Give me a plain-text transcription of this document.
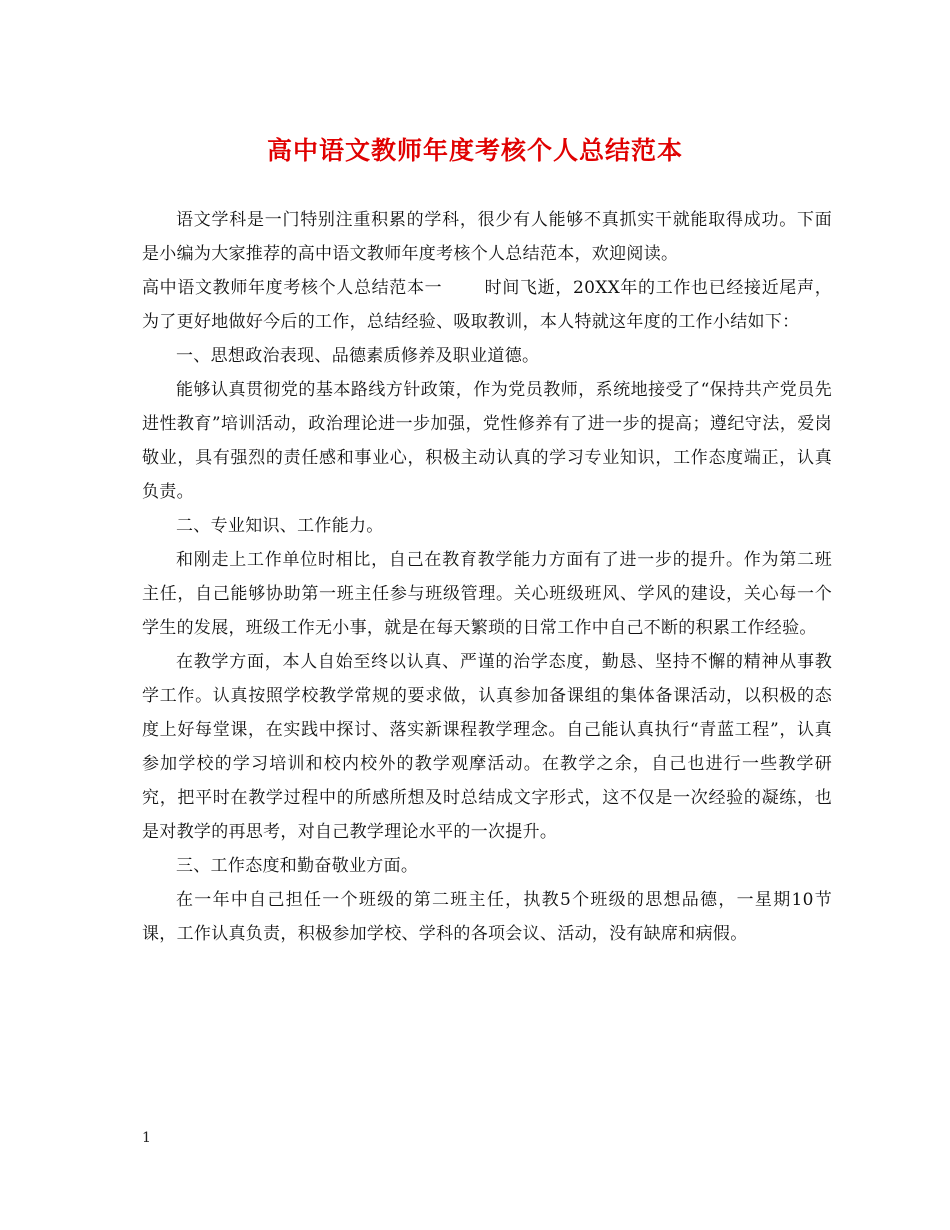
高中语文教师年度考核个人总结范本

语文学科是一门特别注重积累的学科，很少有人能够不真抓实干就能取得成功。下面是小编为大家推荐的高中语文教师年度考核个人总结范本，欢迎阅读。

高中语文教师年度考核个人总结范本一 时间飞逝，20XX年的工作也已经接近尾声，为了更好地做好今后的工作，总结经验、吸取教训，本人特就这年度的工作小结如下：

一、思想政治表现、品德素质修养及职业道德。

能够认真贯彻党的基本路线方针政策，作为党员教师，系统地接受了“保持共产党员先进性教育”培训活动，政治理论进一步加强，党性修养有了进一步的提高；遵纪守法，爱岗敬业，具有强烈的责任感和事业心，积极主动认真的学习专业知识，工作态度端正，认真负责。

二、专业知识、工作能力。

和刚走上工作单位时相比，自己在教育教学能力方面有了进一步的提升。作为第二班主任，自己能够协助第一班主任参与班级管理。关心班级班风、学风的建设，关心每一个学生的发展，班级工作无小事，就是在每天繁琐的日常工作中自己不断的积累工作经验。

在教学方面，本人自始至终以认真、严谨的治学态度，勤恳、坚持不懈的精神从事教学工作。认真按照学校教学常规的要求做，认真参加备课组的集体备课活动，以积极的态度上好每堂课，在实践中探讨、落实新课程教学理念。自己能认真执行“青蓝工程”，认真参加学校的学习培训和校内校外的教学观摩活动。在教学之余，自己也进行一些教学研究，把平时在教学过程中的所感所想及时总结成文字形式，这不仅是一次经验的凝练，也是对教学的再思考，对自己教学理论水平的一次提升。

三、工作态度和勤奋敬业方面。

在一年中自己担任一个班级的第二班主任，执教5个班级的思想品德，一星期10节课，工作认真负责，积极参加学校、学科的各项会议、活动，没有缺席和病假。

1
